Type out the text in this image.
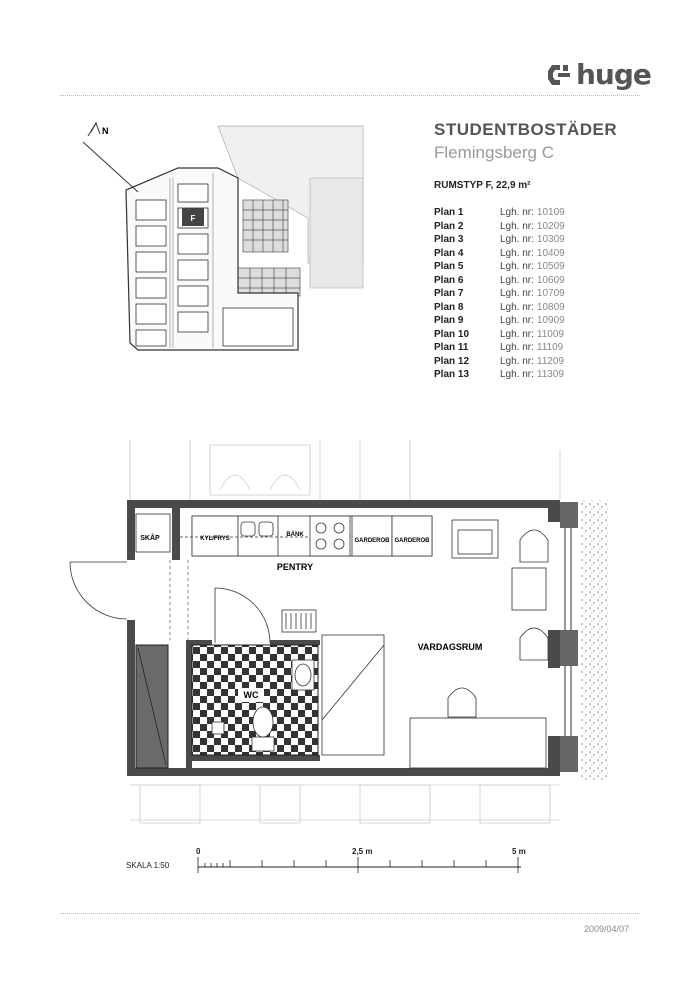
huge
F
N	STUDENTBOSTÄDER
Flemingsberg C
RUMSTYP F, 22,9 m²
Plan 1	Lgh. nr: 10109
Plan 2	Lgh. nr: 10209
Plan 3	Lgh. nr: 10309
Plan 4	Lgh. nr: 10409
Plan 5	Lgh. nr: 10509
Plan 6	Lgh. nr: 10609
Plan 7	Lgh. nr: 10709
Plan 8	Lgh. nr: 10809
Plan 9	Lgh. nr: 10909
Plan 10	Lgh. nr: 11009
Plan 11	Lgh. nr: 11109
Plan 12	Lgh. nr: 11209
Plan 13	Lgh. nr: 11309
SKÅP	KYL/FRYS
BÄNK
GARDEROB GARDEROB
PENTRY
VARDAGSRUM
WC
SKALA 1:50
0	2,5 m	5 m
2009/04/07
